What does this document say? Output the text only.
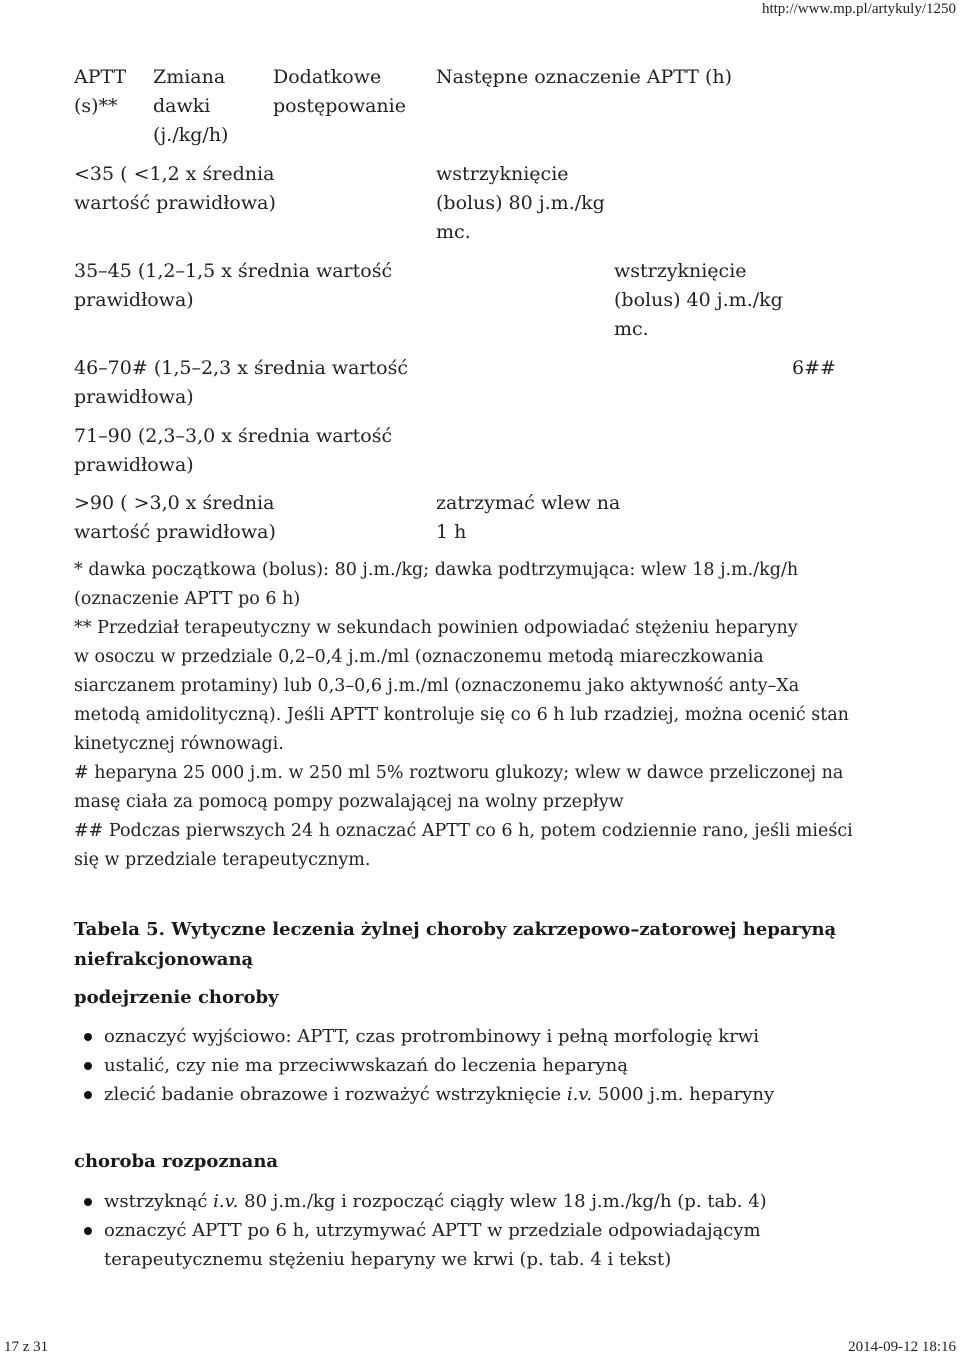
http://www.mp.pl/artykuly/1250
APTT
(s)**
Zmiana
dawki
(j./kg/h)
Dodatkowe
postępowanie
Następne oznaczenie APTT (h)
<35 ( <1,2 x średnia
wartość prawidłowa)
wstrzyknięcie
(bolus) 80 j.m./kg
mc.
35–45 (1,2–1,5 x średnia wartość
prawidłowa)
wstrzyknięcie
(bolus) 40 j.m./kg
mc.
46–70# (1,5–2,3 x średnia wartość
prawidłowa)
6##
71–90 (2,3–3,0 x średnia wartość
prawidłowa)
>90 ( >3,0 x średnia
wartość prawidłowa)
zatrzymać wlew na
1 h
* dawka początkowa (bolus): 80 j.m./kg; dawka podtrzymująca: wlew 18 j.m./kg/h
(oznaczenie APTT po 6 h)
** Przedział terapeutyczny w sekundach powinien odpowiadać stężeniu heparyny
w osoczu w przedziale 0,2–0,4 j.m./ml (oznaczonemu metodą miareczkowania
siarczanem protaminy) lub 0,3–0,6 j.m./ml (oznaczonemu jako aktywność anty–Xa
metodą amidolityczną). Jeśli APTT kontroluje się co 6 h lub rzadziej, można ocenić stan
kinetycznej równowagi.
# heparyna 25 000 j.m. w 250 ml 5% roztworu glukozy; wlew w dawce przeliczonej na
masę ciała za pomocą pompy pozwalającej na wolny przepływ
## Podczas pierwszych 24 h oznaczać APTT co 6 h, potem codziennie rano, jeśli mieści
się w przedziale terapeutycznym.
Tabela 5. Wytyczne leczenia żylnej choroby zakrzepowo–zatorowej heparyną
niefrakcjonowaną
podejrzenie choroby
oznaczyć wyjściowo: APTT, czas protrombinowy i pełną morfologię krwi
ustalić, czy nie ma przeciwwskazań do leczenia heparyną
zlecić badanie obrazowe i rozważyć wstrzyknięcie i.v. 5000 j.m. heparyny
choroba rozpoznana
wstrzyknąć i.v. 80 j.m./kg i rozpocząć ciągły wlew 18 j.m./kg/h (p. tab. 4)
oznaczyć APTT po 6 h, utrzymywać APTT w przedziale odpowiadającym
terapeutycznemu stężeniu heparyny we krwi (p. tab. 4 i tekst)
17 z 31	2014-09-12 18:16
